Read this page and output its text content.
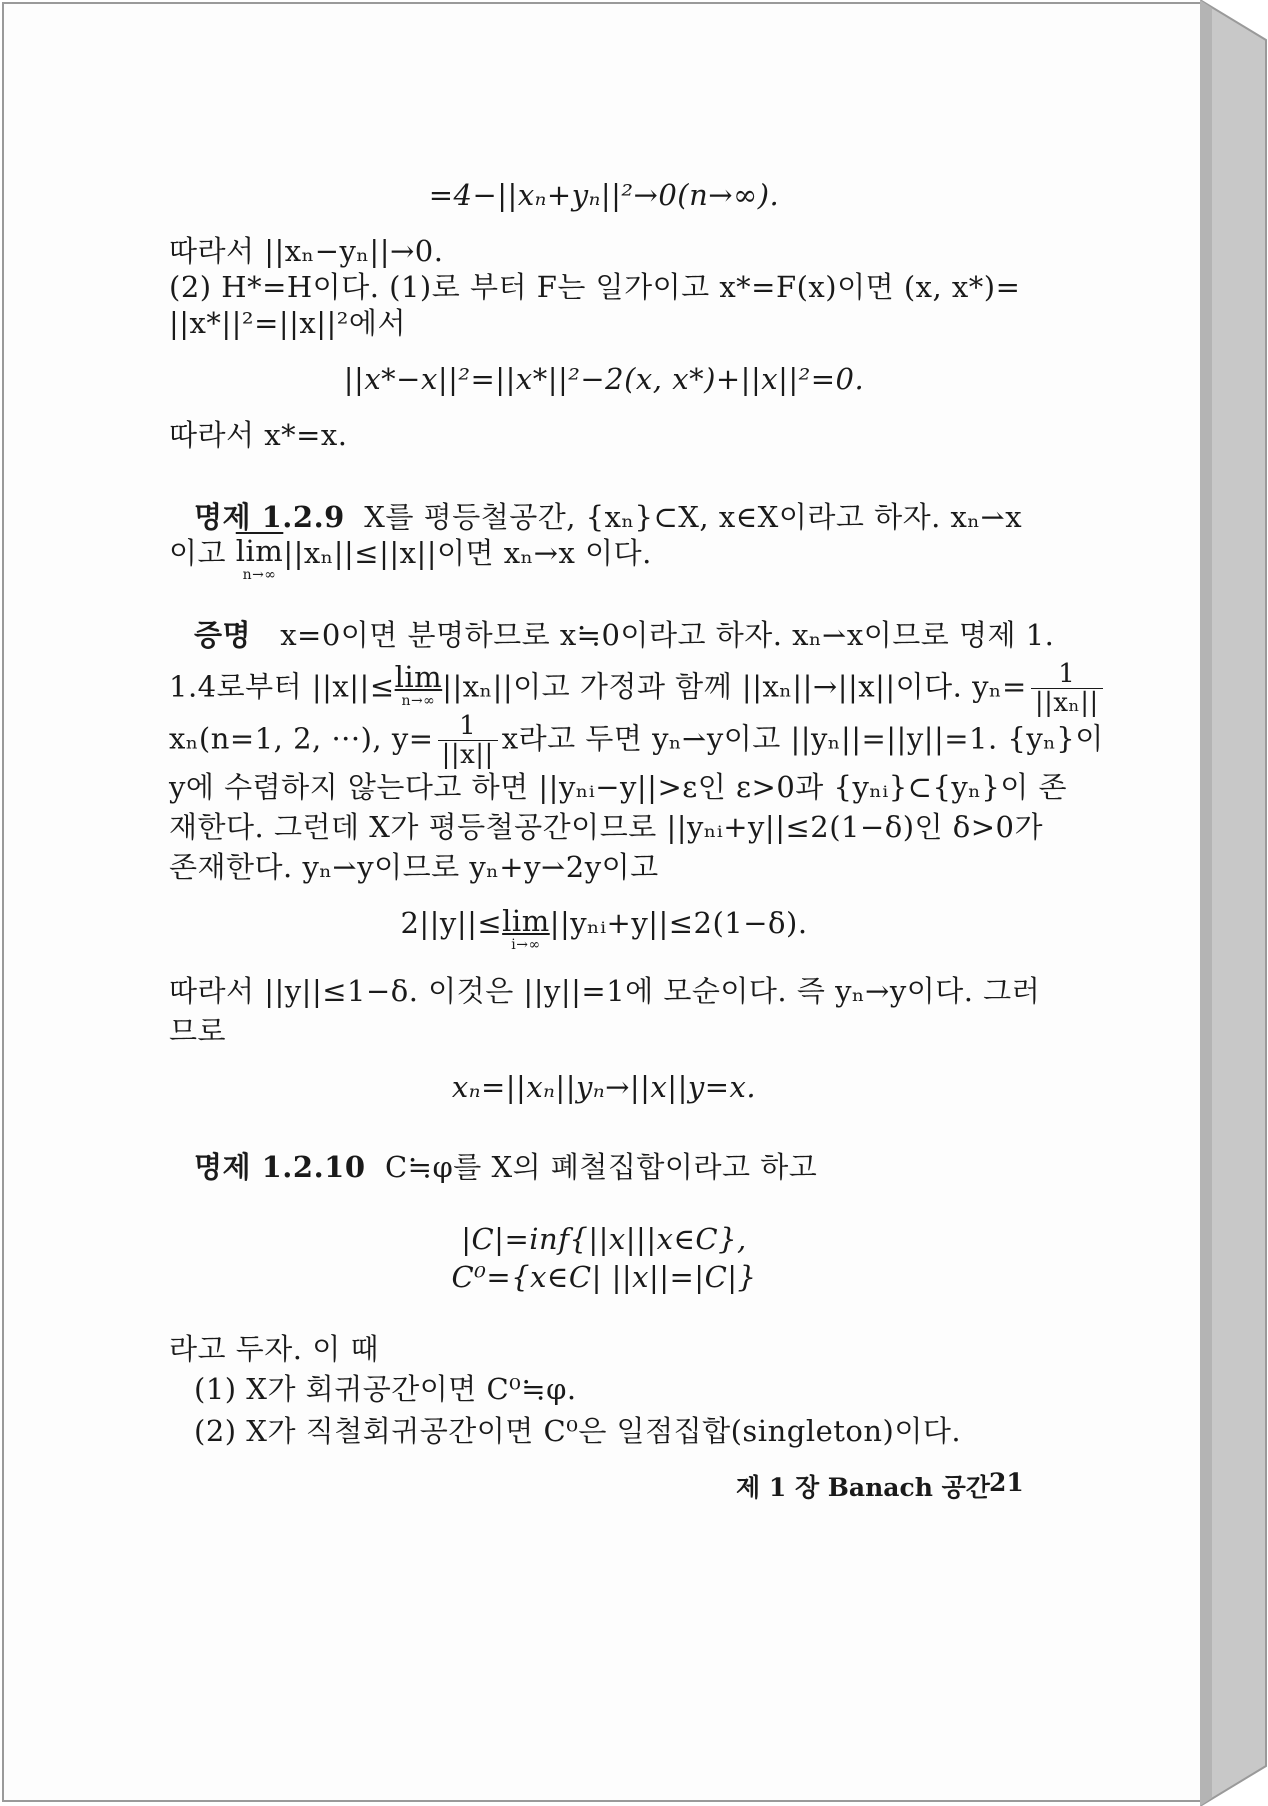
=4−||xₙ+yₙ||²→0(n→∞).
따라서 ||xₙ−yₙ||→0.
(2) H*=H이다. (1)로 부터 F는 일가이고 x*=F(x)이면 (x, x*)=
||x*||²=||x||²에서
||x*−x||²=||x*||²−2(x, x*)+||x||²=0.
따라서 x*=x.
명제 1.2.9 X를 평등철공간, {xₙ}⊂X, x∈X이라고 하자. xₙ⇀x
이고 $\overline{lim}$
n→∞
||xₙ||≤||x||이면 xₙ→x 이다.
증명 x=0이면 분명하므로 x≒0이라고 하자. xₙ⇀x이므로 명제 1.
1.4로부터 ||x||≤lim
n→∞ ||xₙ||이고 가정과 함께 ||xₙ||→||x||이다. $y_n= \frac{1}{\text{||xₙ||}}$
xₙ(n=1, 2, ···), $y= \frac{1}{||x||}$ x라고 두면 yₙ⇀y이고 ||yₙ||=||y||=1. {yₙ}이
y에 수렴하지 않는다고 하면 ||yₙᵢ−y||>ε인 ε>0과 {yₙᵢ}⊂{yₙ}이 존
재한다. 그런데 X가 평등철공간이므로 ||yₙᵢ+y||≤2(1−δ)인 δ>0가
존재한다. yₙ⇀y이므로 yₙ+y⇀2y이고
2||y||≤lim
i→∞
||yₙᵢ+y||≤2(1−δ).
따라서 ||y||≤1−δ. 이것은 ||y||=1에 모순이다. 즉 yₙ→y이다. 그러
므로
xₙ=||xₙ||yₙ→||x||y=x.
명제 1.2.10 C≒φ를 X의 폐철집합이라고 하고
|C|=inf{||x|||x∈C},
C⁰={x∈C| ||x||=|C|}
라고 두자. 이 때
(1) X가 회귀공간이면 C⁰≒φ.
(2) X가 직철회귀공간이면 C⁰은 일점집합(singleton)이다.
제 1 장 Banach 공간 21
